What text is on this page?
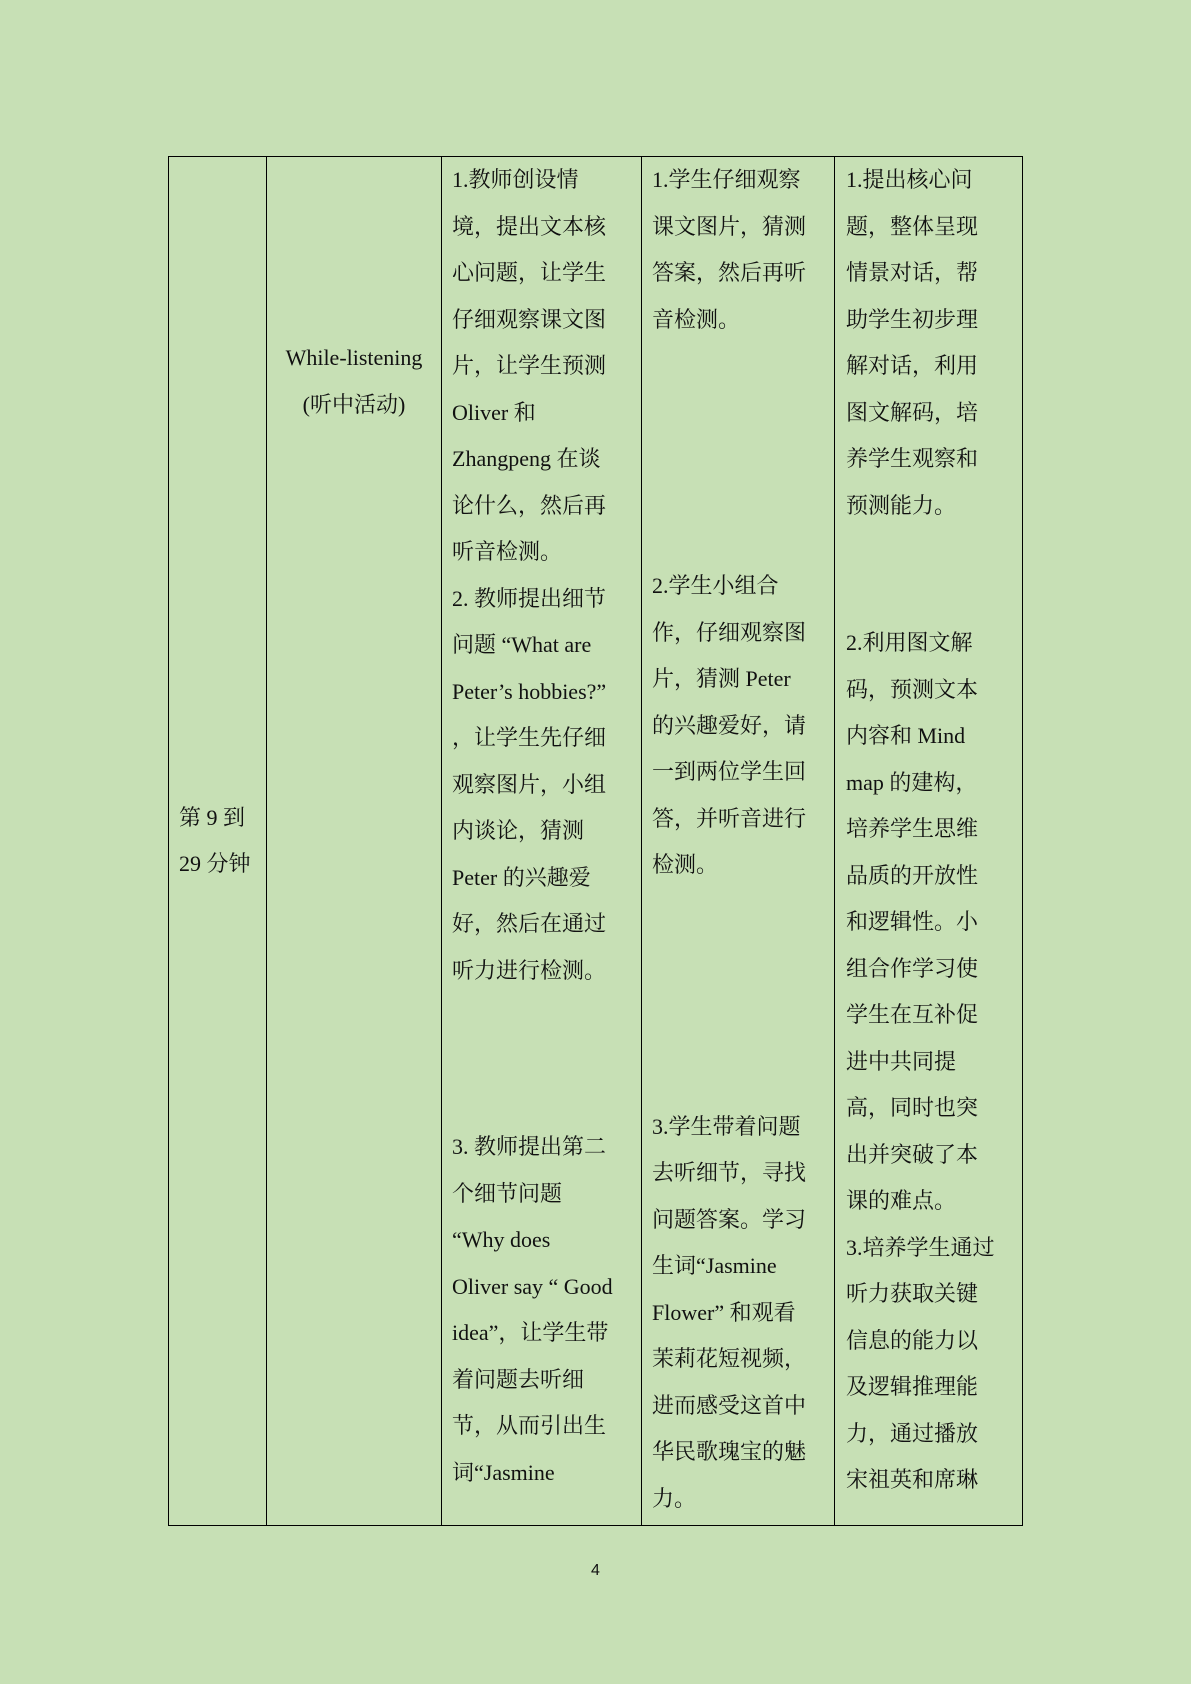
第 9 到
29 分钟

While-listening
(听中活动)

1.教师创设情
境，提出文本核
心问题，让学生
仔细观察课文图
片，让学生预测
Oliver 和
Zhangpeng 在谈
论什么，然后再
听音检测。
2. 教师提出细节
问题 “What are
Peter’s hobbies?”
，让学生先仔细
观察图片，小组
内谈论，猜测
Peter 的兴趣爱
好，然后在通过
听力进行检测。
3. 教师提出第二
个细节问题
“Why does
Oliver say “ Good
idea”，让学生带
着问题去听细
节，从而引出生
词“Jasmine

1.学生仔细观察
课文图片，猜测
答案，然后再听
音检测。
2.学生小组合
作，仔细观察图
片，猜测 Peter
的兴趣爱好，请
一到两位学生回
答，并听音进行
检测。
3.学生带着问题
去听细节，寻找
问题答案。学习
生词“Jasmine
Flower” 和观看
茉莉花短视频，
进而感受这首中
华民歌瑰宝的魅
力。

1.提出核心问
题，整体呈现
情景对话，帮
助学生初步理
解对话，利用
图文解码，培
养学生观察和
预测能力。
2.利用图文解
码，预测文本
内容和 Mind
map 的建构，
培养学生思维
品质的开放性
和逻辑性。小
组合作学习使
学生在互补促
进中共同提
高，同时也突
出并突破了本
课的难点。
3.培养学生通过
听力获取关键
信息的能力以
及逻辑推理能
力，通过播放
宋祖英和席琳
4
